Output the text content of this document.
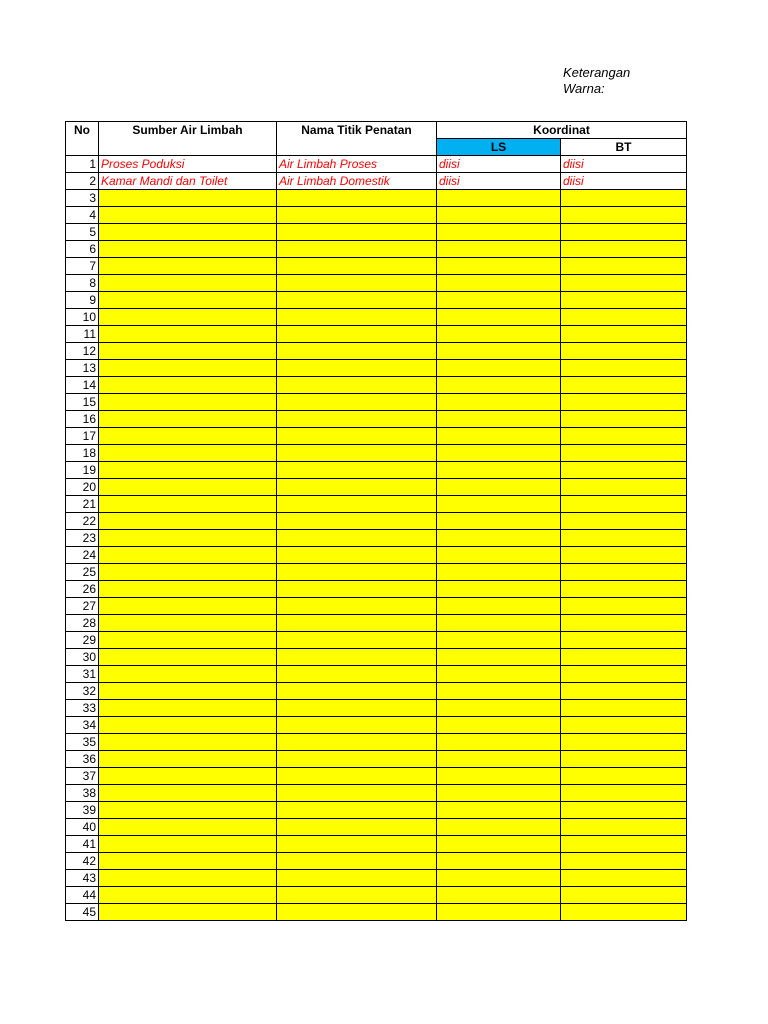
Keterangan
Warna:
No	Sumber Air Limbah	Nama Titik Penatan	Koordinat	
			LS	BT
1	Proses Poduksi	Air Limbah Proses	diisi	diisi
2	Kamar Mandi dan Toilet	Air Limbah Domestik	diisi	diisi
3				
4				
5				
6				
7				
8				
9				
10				
11				
12				
13				
14				
15				
16				
17				
18				
19				
20				
21				
22				
23				
24				
25				
26				
27				
28				
29				
30				
31				
32				
33				
34				
35				
36				
37				
38				
39				
40				
41				
42				
43				
44				
45				
